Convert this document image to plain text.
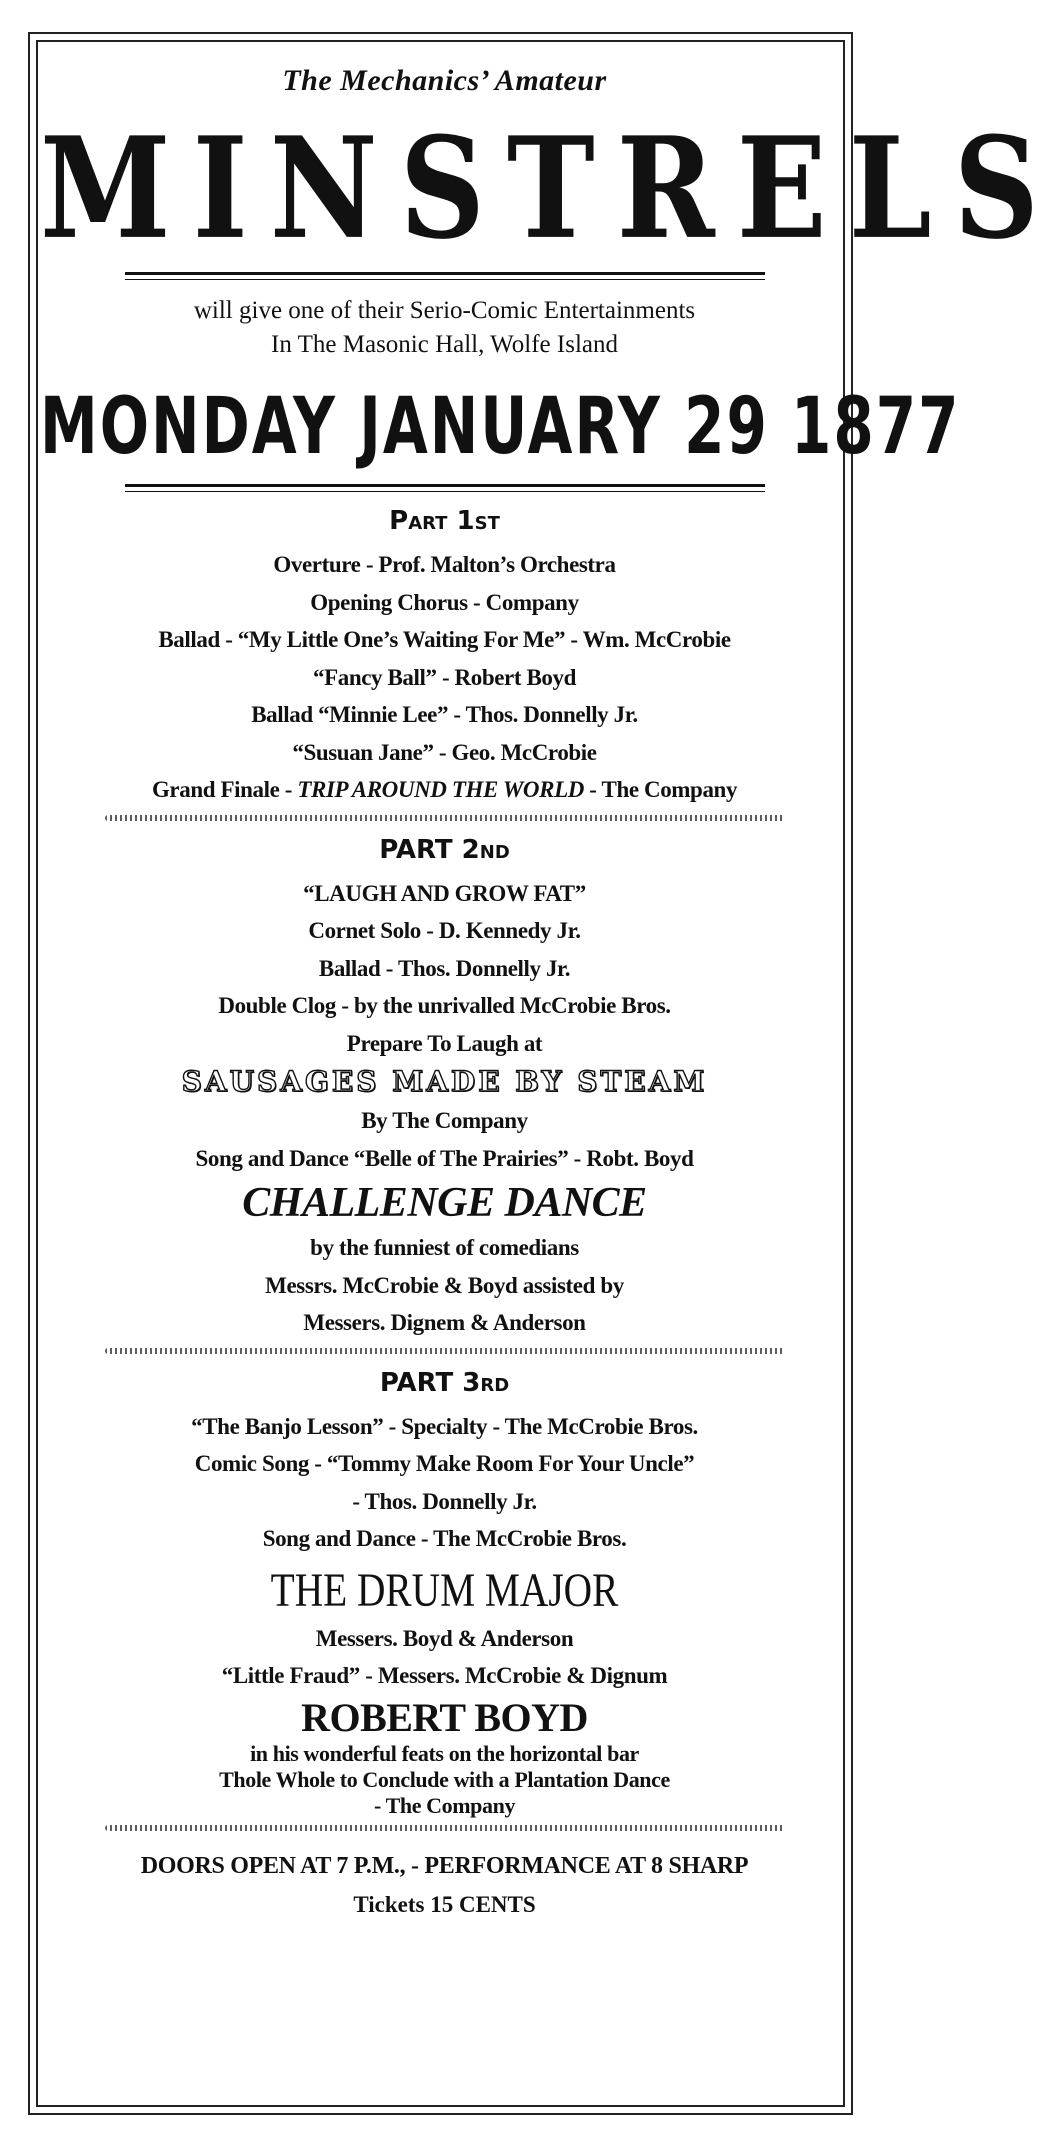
The Mechanics’ Amateur
MINSTRELS
will give one of their Serio-Comic Entertainments
In The Masonic Hall, Wolfe Island
MONDAY JANUARY 29 1877
Part 1st
Overture - Prof. Malton’s Orchestra
Opening Chorus - Company
Ballad - “My Little One’s Waiting For Me” - Wm. McCrobie
“Fancy Ball” - Robert Boyd
Ballad “Minnie Lee” - Thos. Donnelly Jr.
“Susuan Jane” - Geo. McCrobie
Grand Finale - TRIP AROUND THE WORLD - The Company
PART 2nd
“LAUGH AND GROW FAT”
Cornet Solo - D. Kennedy Jr.
Ballad - Thos. Donnelly Jr.
Double Clog - by the unrivalled McCrobie Bros.
Prepare To Laugh at
SAUSAGES MADE BY STEAM
By The Company
Song and Dance “Belle of The Prairies” - Robt. Boyd
CHALLENGE DANCE
by the funniest of comedians
Messrs. McCrobie & Boyd assisted by
Messers. Dignem & Anderson
PART 3rd
“The Banjo Lesson” - Specialty - The McCrobie Bros.
Comic Song - “Tommy Make Room For Your Uncle”
- Thos. Donnelly Jr.
Song and Dance - The McCrobie Bros.
THE DRUM MAJOR
Messers. Boyd & Anderson
“Little Fraud” - Messers. McCrobie & Dignum
ROBERT BOYD
in his wonderful feats on the horizontal bar
Thole Whole to Conclude with a Plantation Dance
- The Company
DOORS OPEN AT 7 P.M., - PERFORMANCE AT 8 SHARP
Tickets 15 CENTS
